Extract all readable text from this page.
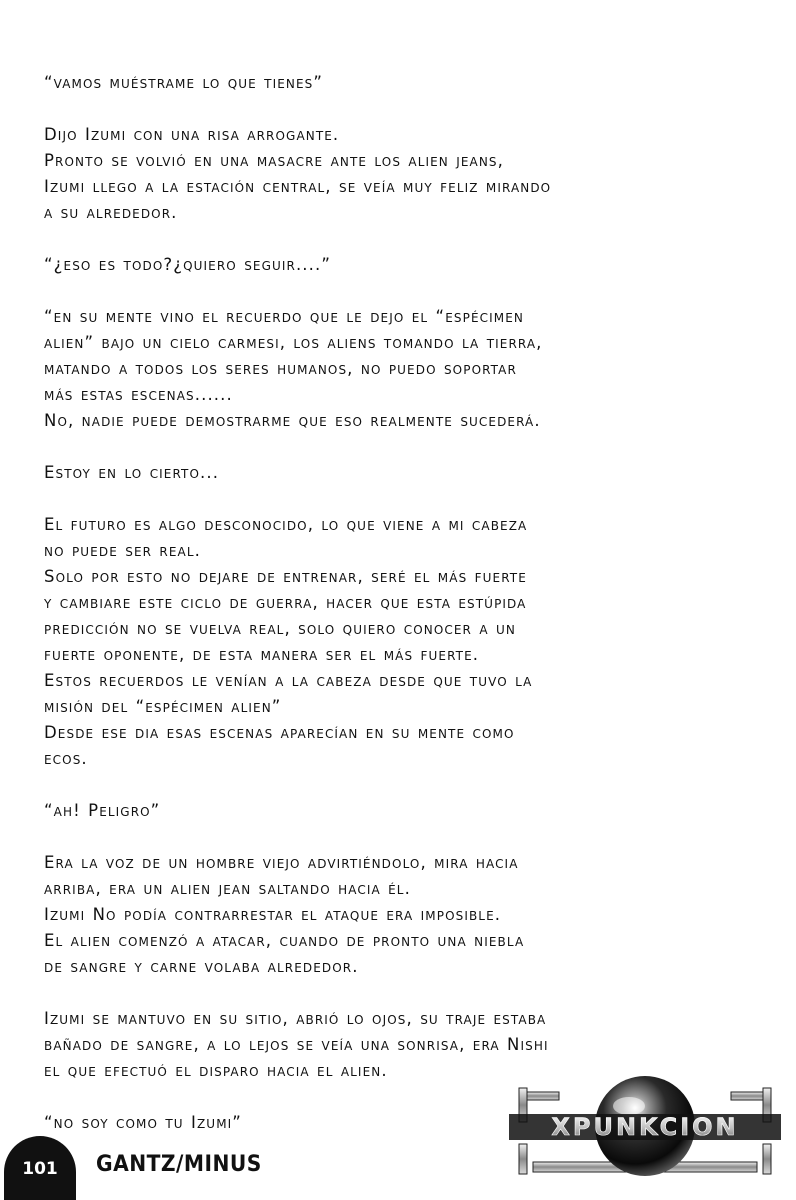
“vamos muéstrame lo que tienes”
Dijo Izumi con una risa arrogante.
Pronto se volvió en una masacre ante los alien jeans,
Izumi llego a la estación central, se veía muy feliz mirando
a su alrededor.
“¿eso es todo?¿quiero seguir....”
“en su mente vino el recuerdo que le dejo el “espécimen
alien” bajo un cielo carmesi, los aliens tomando la tierra,
matando a todos los seres humanos, no puedo soportar
más estas escenas......
No, nadie puede demostrarme que eso realmente sucederá.
Estoy en lo cierto...
El futuro es algo desconocido, lo que viene a mi cabeza
no puede ser real.
Solo por esto no dejare de entrenar, seré el más fuerte
y cambiare este ciclo de guerra, hacer que esta estúpida
predicción no se vuelva real, solo quiero conocer a un
fuerte oponente, de esta manera ser el más fuerte.
Estos recuerdos le venían a la cabeza desde que tuvo la
misión del “espécimen alien”
Desde ese dia esas escenas aparecían en su mente como
ecos.
“ah! Peligro”
Era la voz de un hombre viejo advirtiéndolo, mira hacia
arriba, era un alien jean saltando hacia él.
Izumi No podía contrarrestar el ataque era imposible.
El alien comenzó a atacar, cuando de pronto una niebla
de sangre y carne volaba alrededor.
Izumi se mantuvo en su sitio, abrió lo ojos, su traje estaba
bañado de sangre, a lo lejos se veía una sonrisa, era Nishi
el que efectuó el disparo hacia el alien.
“no soy como tu Izumi”
101 GANTZ/MINUS
XPUNKCION
